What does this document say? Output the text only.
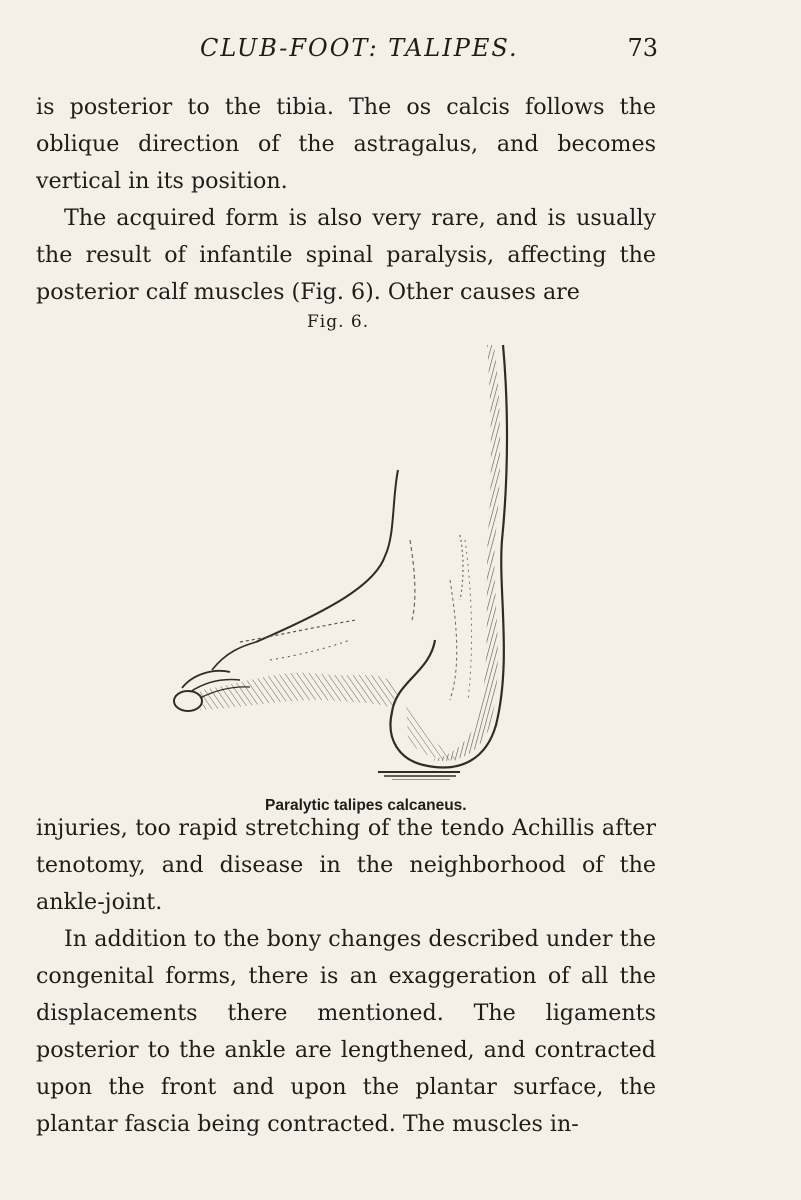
CLUB-FOOT: TALIPES.	73

is posterior to the tibia. The os calcis follows the oblique direction of the astragalus, and becomes vertical in its position.
The acquired form is also very rare, and is usually the result of infantile spinal paralysis, affecting the posterior calf muscles (Fig. 6). Other causes are

Fig. 6.
Paralytic talipes calcaneus.

injuries, too rapid stretching of the tendo Achillis after tenotomy, and disease in the neighborhood of the ankle-joint.
In addition to the bony changes described under the congenital forms, there is an exaggeration of all the displacements there mentioned. The ligaments posterior to the ankle are lengthened, and contracted upon the front and upon the plantar surface, the plantar fascia being contracted. The muscles in-
